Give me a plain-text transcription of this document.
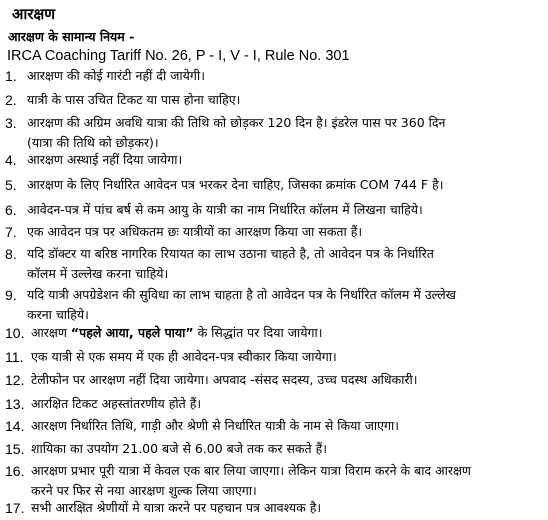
आरक्षण
आरक्षण के सामान्य नियम -
IRCA Coaching Tariff No. 26, P - I, V - I, Rule No. 301
1. आरक्षण की कोई गारंटी नहीं दी जायेगी।
2. यात्री के पास उचित टिकट या पास होना चाहिए।
3. आरक्षण की अग्रिम अवधि यात्रा की तिथि को छोड़कर 120 दिन है। इंडरेल पास पर 360 दिन
(यात्रा की तिथि को छोड़कर)।
4. आरक्षण अस्थाई नहीं दिया जायेगा।
5. आरक्षण के लिए निर्धारित आवेदन पत्र भरकर देना चाहिए, जिसका क्रमांक COM 744 F है।
6. आवेदन-पत्र में पांच बर्ष से कम आयु के यात्री का नाम निर्धारित कॉलम में लिखना चाहिये।
7. एक आवेदन पत्र पर अधिकतम छः यात्रीयों का आरक्षण किया जा सकता हैं।
8. यदि डॉक्टर या बरिष्ठ नागरिक रियायत का लाभ उठाना चाहते है, तो आवेदन पत्र के निर्धारित
कॉलम में उल्लेख करना चाहिये।
9. यदि यात्री अपग्रेडेशन की सुविधा का लाभ चाहता है तो आवेदन पत्र के निर्धारित कॉलम में उल्लेख
करना चाहिये।
10. आरक्षण “पहले आया, पहले पाया” के सिद्धांत पर दिया जायेगा।
11. एक यात्री से एक समय में एक ही आवेदन-पत्र स्वीकार किया जायेगा।
12. टेलीफोन पर आरक्षण नहीं दिया जायेगा। अपवाद -संसद सदस्य, उच्च पदस्थ अधिकारी।
13. आरक्षित टिकट अहस्तांतरणीय होते हैं।
14. आरक्षण निर्धारित तिथि, गाड़ी और श्रेणी से निर्धारित यात्री के नाम से किया जाएगा।
15. शायिका का उपयोग 21.00 बजे से 6.00 बजे तक कर सकते हैं।
16. आरक्षण प्रभार पूरी यात्रा में केवल एक बार लिया जाएगा। लेकिन यात्रा विराम करने के बाद आरक्षण
करने पर फिर से नया आरक्षण शुल्क लिया जाएगा।
17. सभी आरक्षित श्रेणीयों मे यात्रा करने पर पहचान पत्र आवश्यक है।
